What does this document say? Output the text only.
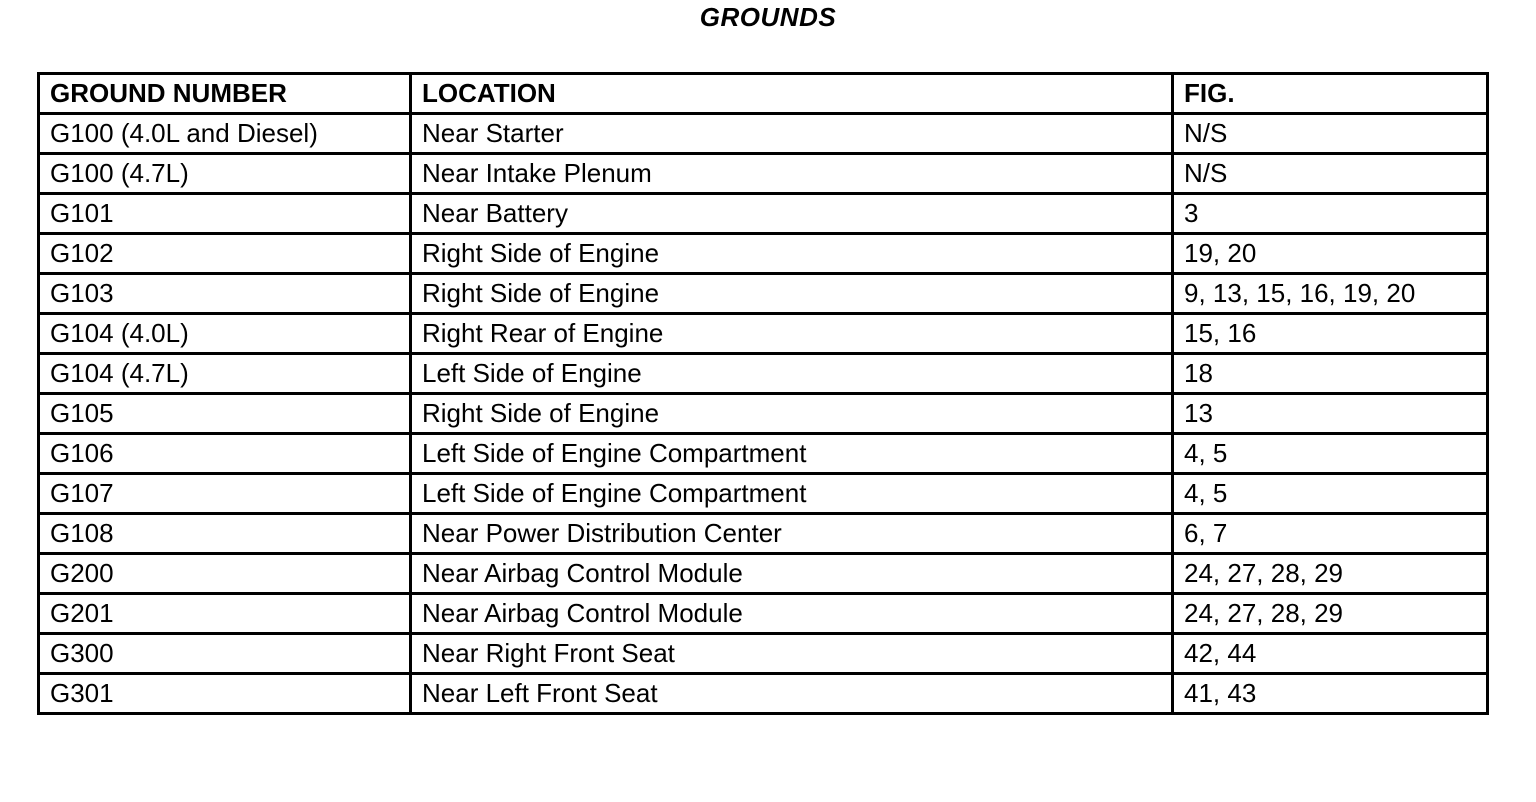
GROUNDS
GROUND NUMBER	LOCATION	FIG.
G100 (4.0L and Diesel)	Near Starter	N/S
G100 (4.7L)	Near Intake Plenum	N/S
G101	Near Battery	3
G102	Right Side of Engine	19, 20
G103	Right Side of Engine	9, 13, 15, 16, 19, 20
G104 (4.0L)	Right Rear of Engine	15, 16
G104 (4.7L)	Left Side of Engine	18
G105	Right Side of Engine	13
G106	Left Side of Engine Compartment	4, 5
G107	Left Side of Engine Compartment	4, 5
G108	Near Power Distribution Center	6, 7
G200	Near Airbag Control Module	24, 27, 28, 29
G201	Near Airbag Control Module	24, 27, 28, 29
G300	Near Right Front Seat	42, 44
G301	Near Left Front Seat	41, 43
